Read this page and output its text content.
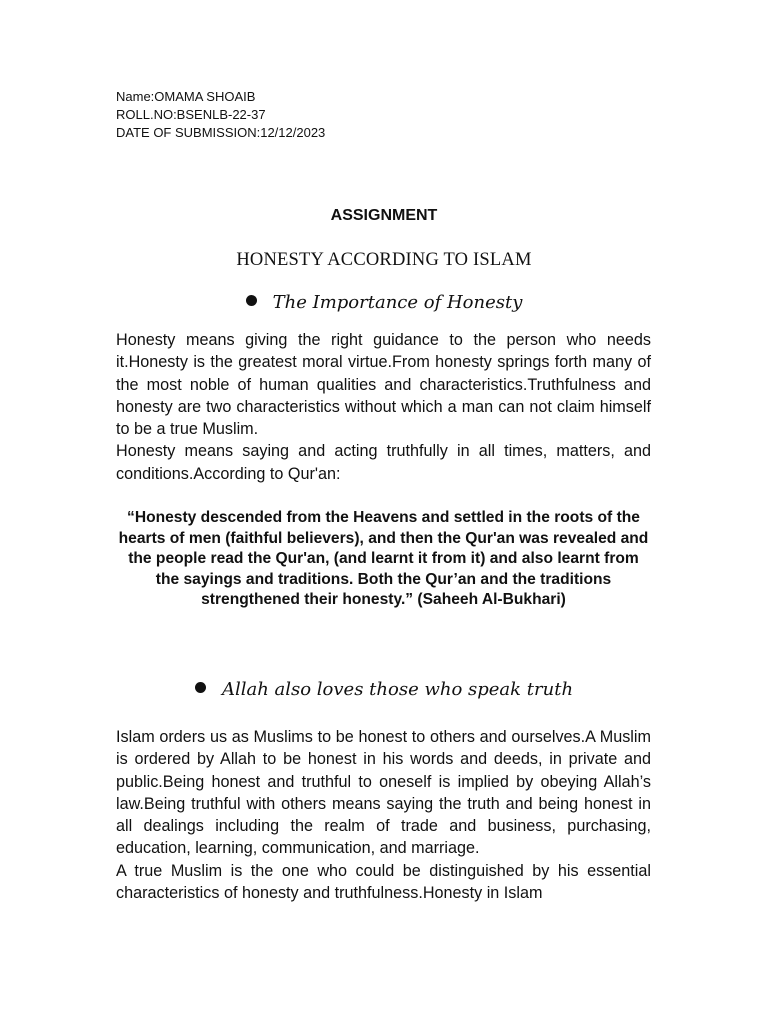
Name:OMAMA SHOAIB
ROLL.NO:BSENLB-22-37
DATE OF SUBMISSION:12/12/2023
ASSIGNMENT
HONESTY ACCORDING TO ISLAM
The Importance of Honesty

Honesty means giving the right guidance to the person who needs it.Honesty is the greatest moral virtue.From honesty springs forth many of the most noble of human qualities and characteristics.Truthfulness and honesty are two characteristics without which a man can not claim himself to be a true Muslim.

Honesty means saying and acting truthfully in all times, matters, and conditions.According to Qur'an:

“Honesty descended from the Heavens and settled in the roots of the hearts of men (faithful believers), and then the Qur'an was revealed and the people read the Qur'an, (and learnt it from it) and also learnt from the sayings and traditions. Both the Qur’an and the traditions strengthened their honesty.” (Saheeh Al-Bukhari)
Allah also loves those who speak truth

Islam orders us as Muslims to be honest to others and ourselves.A Muslim is ordered by Allah to be honest in his words and deeds, in private and public.Being honest and truthful to oneself is implied by obeying Allah’s law.Being truthful with others means saying the truth and being honest in all dealings including the realm of trade and business, purchasing, education, learning, communication, and marriage.

A true Muslim is the one who could be distinguished by his essential characteristics of honesty and truthfulness.Honesty in Islam
